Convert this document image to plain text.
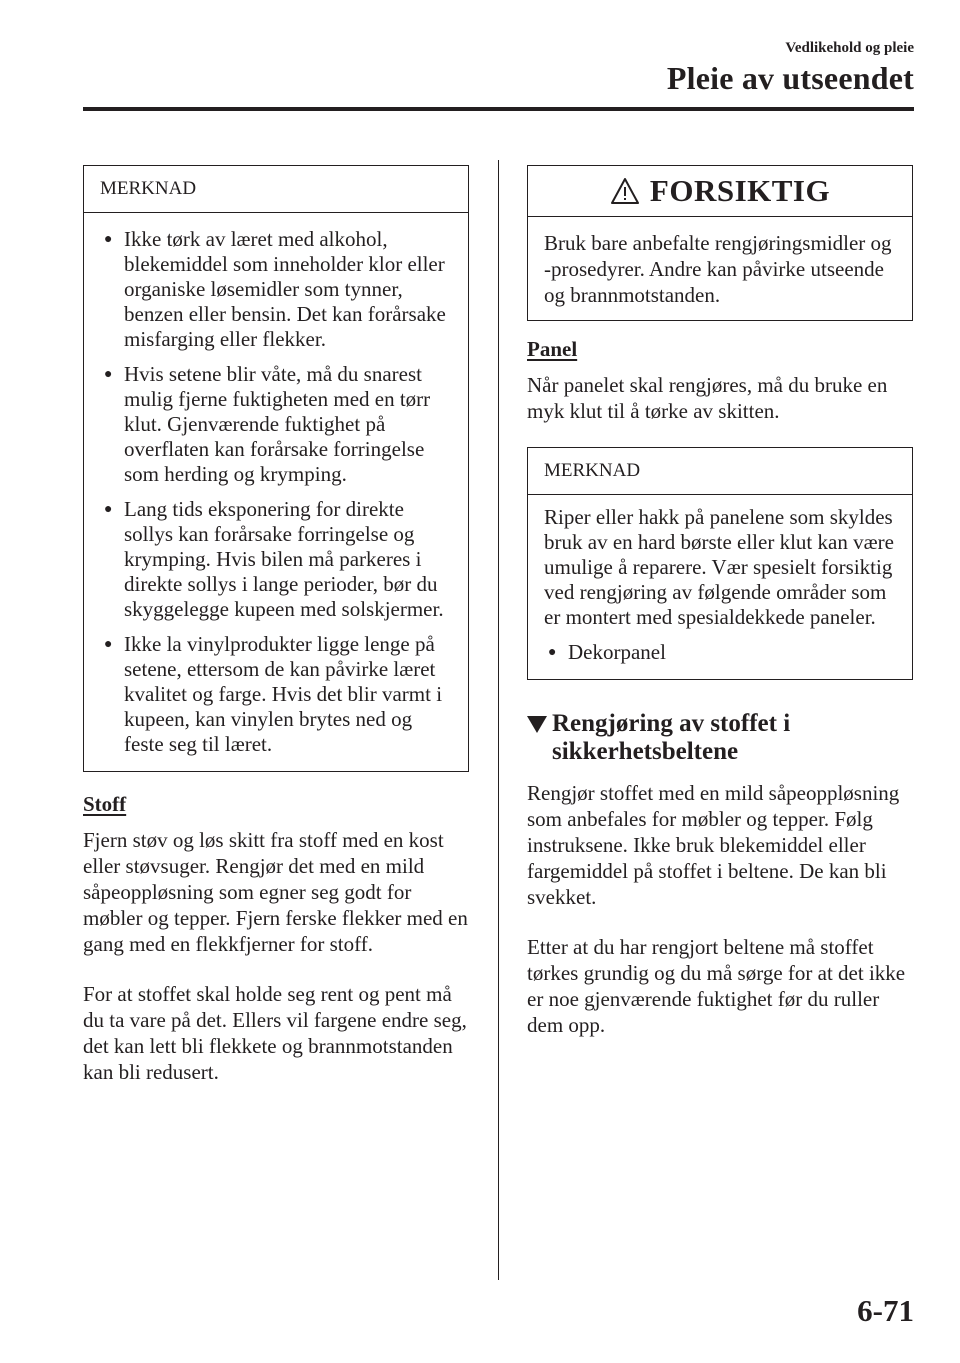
Vedlikehold og pleie
Pleie av utseendet
MERKNAD
● Ikke tørk av læret med alkohol, blekemiddel som inneholder klor eller organiske løsemidler som tynner, benzen eller bensin. Det kan forårsake misfarging eller flekker.
● Hvis setene blir våte, må du snarest mulig fjerne fuktigheten med en tørr klut. Gjenværende fuktighet på overflaten kan forårsake forringelse som herding og krymping.
● Lang tids eksponering for direkte sollys kan forårsake forringelse og krymping. Hvis bilen må parkeres i direkte sollys i lange perioder, bør du skyggelegge kupeen med solskjermer.
● Ikke la vinylprodukter ligge lenge på setene, ettersom de kan påvirke læret kvalitet og farge. Hvis det blir varmt i kupeen, kan vinylen brytes ned og feste seg til læret.
Stoff

Fjern støv og løs skitt fra stoff med en kost eller støvsuger. Rengjør det med en mild såpeoppløsning som egner seg godt for møbler og tepper. Fjern ferske flekker med en gang med en flekkfjerner for stoff.

For at stoffet skal holde seg rent og pent må du ta vare på det. Ellers vil fargene endre seg, det kan lett bli flekkete og brannmotstanden kan bli redusert.

FORSIKTIG
Bruk bare anbefalte rengjøringsmidler og -prosedyrer. Andre kan påvirke utseende og brannmotstanden.
Panel

Når panelet skal rengjøres, må du bruke en myk klut til å tørke av skitten.

MERKNAD
Riper eller hakk på panelene som skyldes bruk av en hard børste eller klut kan være umulige å reparere. Vær spesielt forsiktig ved rengjøring av følgende områder som er montert med spesialdekkede paneler.
● Dekorpanel
Rengjøring av stoffet i sikkerhetsbeltene

Rengjør stoffet med en mild såpeoppløsning som anbefales for møbler og tepper. Følg instruksene. Ikke bruk blekemiddel eller fargemiddel på stoffet i beltene. De kan bli svekket.

Etter at du har rengjort beltene må stoffet tørkes grundig og du må sørge for at det ikke er noe gjenværende fuktighet før du ruller dem opp.

6-71
